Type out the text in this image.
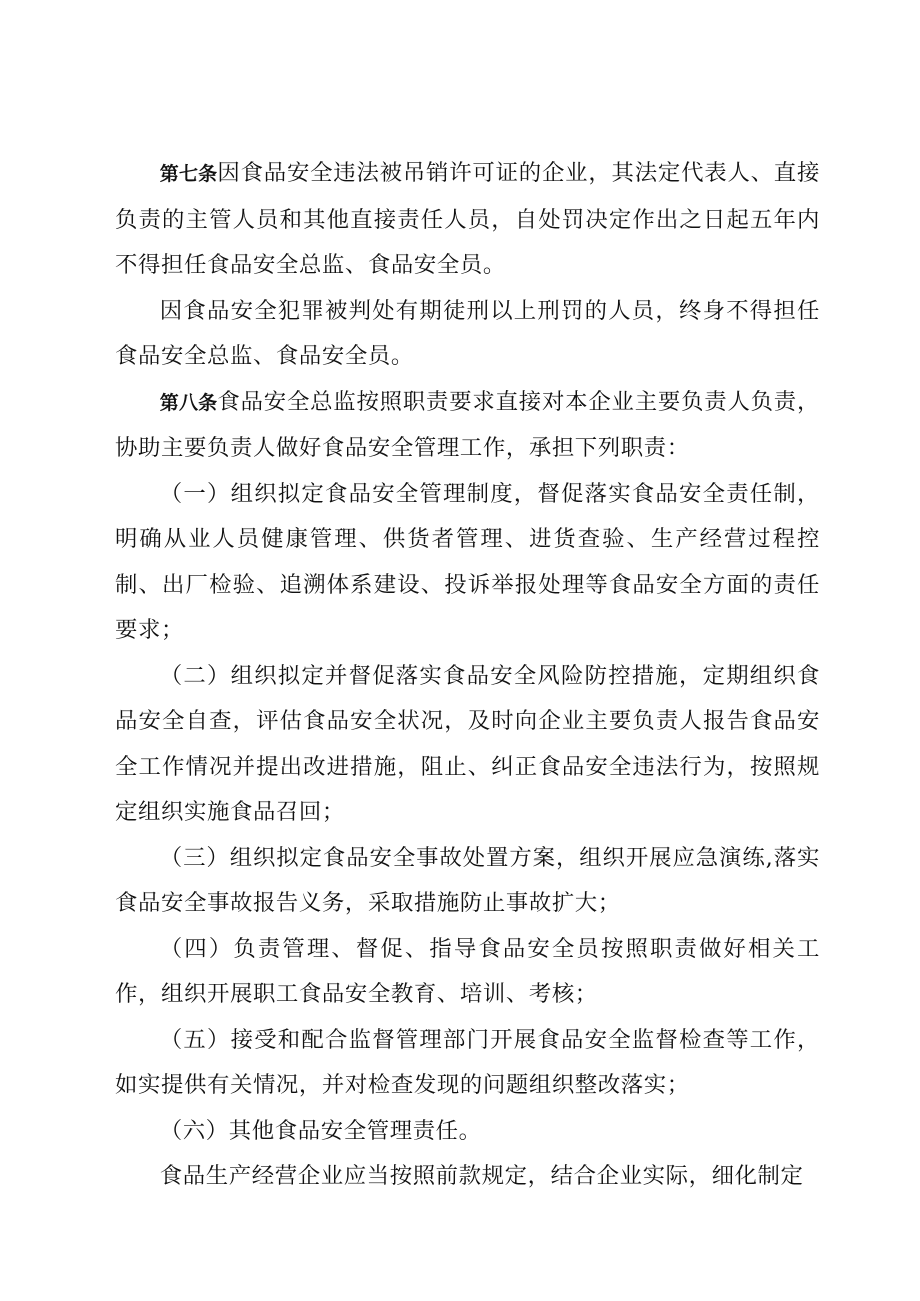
第七条因食品安全违法被吊销许可证的企业，其法定代表人、直接负责的主管人员和其他直接责任人员，自处罚决定作出之日起五年内不得担任食品安全总监、食品安全员。

因食品安全犯罪被判处有期徒刑以上刑罚的人员，终身不得担任食品安全总监、食品安全员。

第八条食品安全总监按照职责要求直接对本企业主要负责人负责，协助主要负责人做好食品安全管理工作，承担下列职责：

（一）组织拟定食品安全管理制度，督促落实食品安全责任制，明确从业人员健康管理、供货者管理、进货查验、生产经营过程控制、出厂检验、追溯体系建设、投诉举报处理等食品安全方面的责任要求；

（二）组织拟定并督促落实食品安全风险防控措施，定期组织食品安全自查，评估食品安全状况，及时向企业主要负责人报告食品安全工作情况并提出改进措施，阻止、纠正食品安全违法行为，按照规定组织实施食品召回；

（三）组织拟定食品安全事故处置方案，组织开展应急演练,落实食品安全事故报告义务，采取措施防止事故扩大；

（四）负责管理、督促、指导食品安全员按照职责做好相关工作，组织开展职工食品安全教育、培训、考核；

（五）接受和配合监督管理部门开展食品安全监督检查等工作，如实提供有关情况，并对检查发现的问题组织整改落实；

（六）其他食品安全管理责任。

食品生产经营企业应当按照前款规定，结合企业实际，细化制定
